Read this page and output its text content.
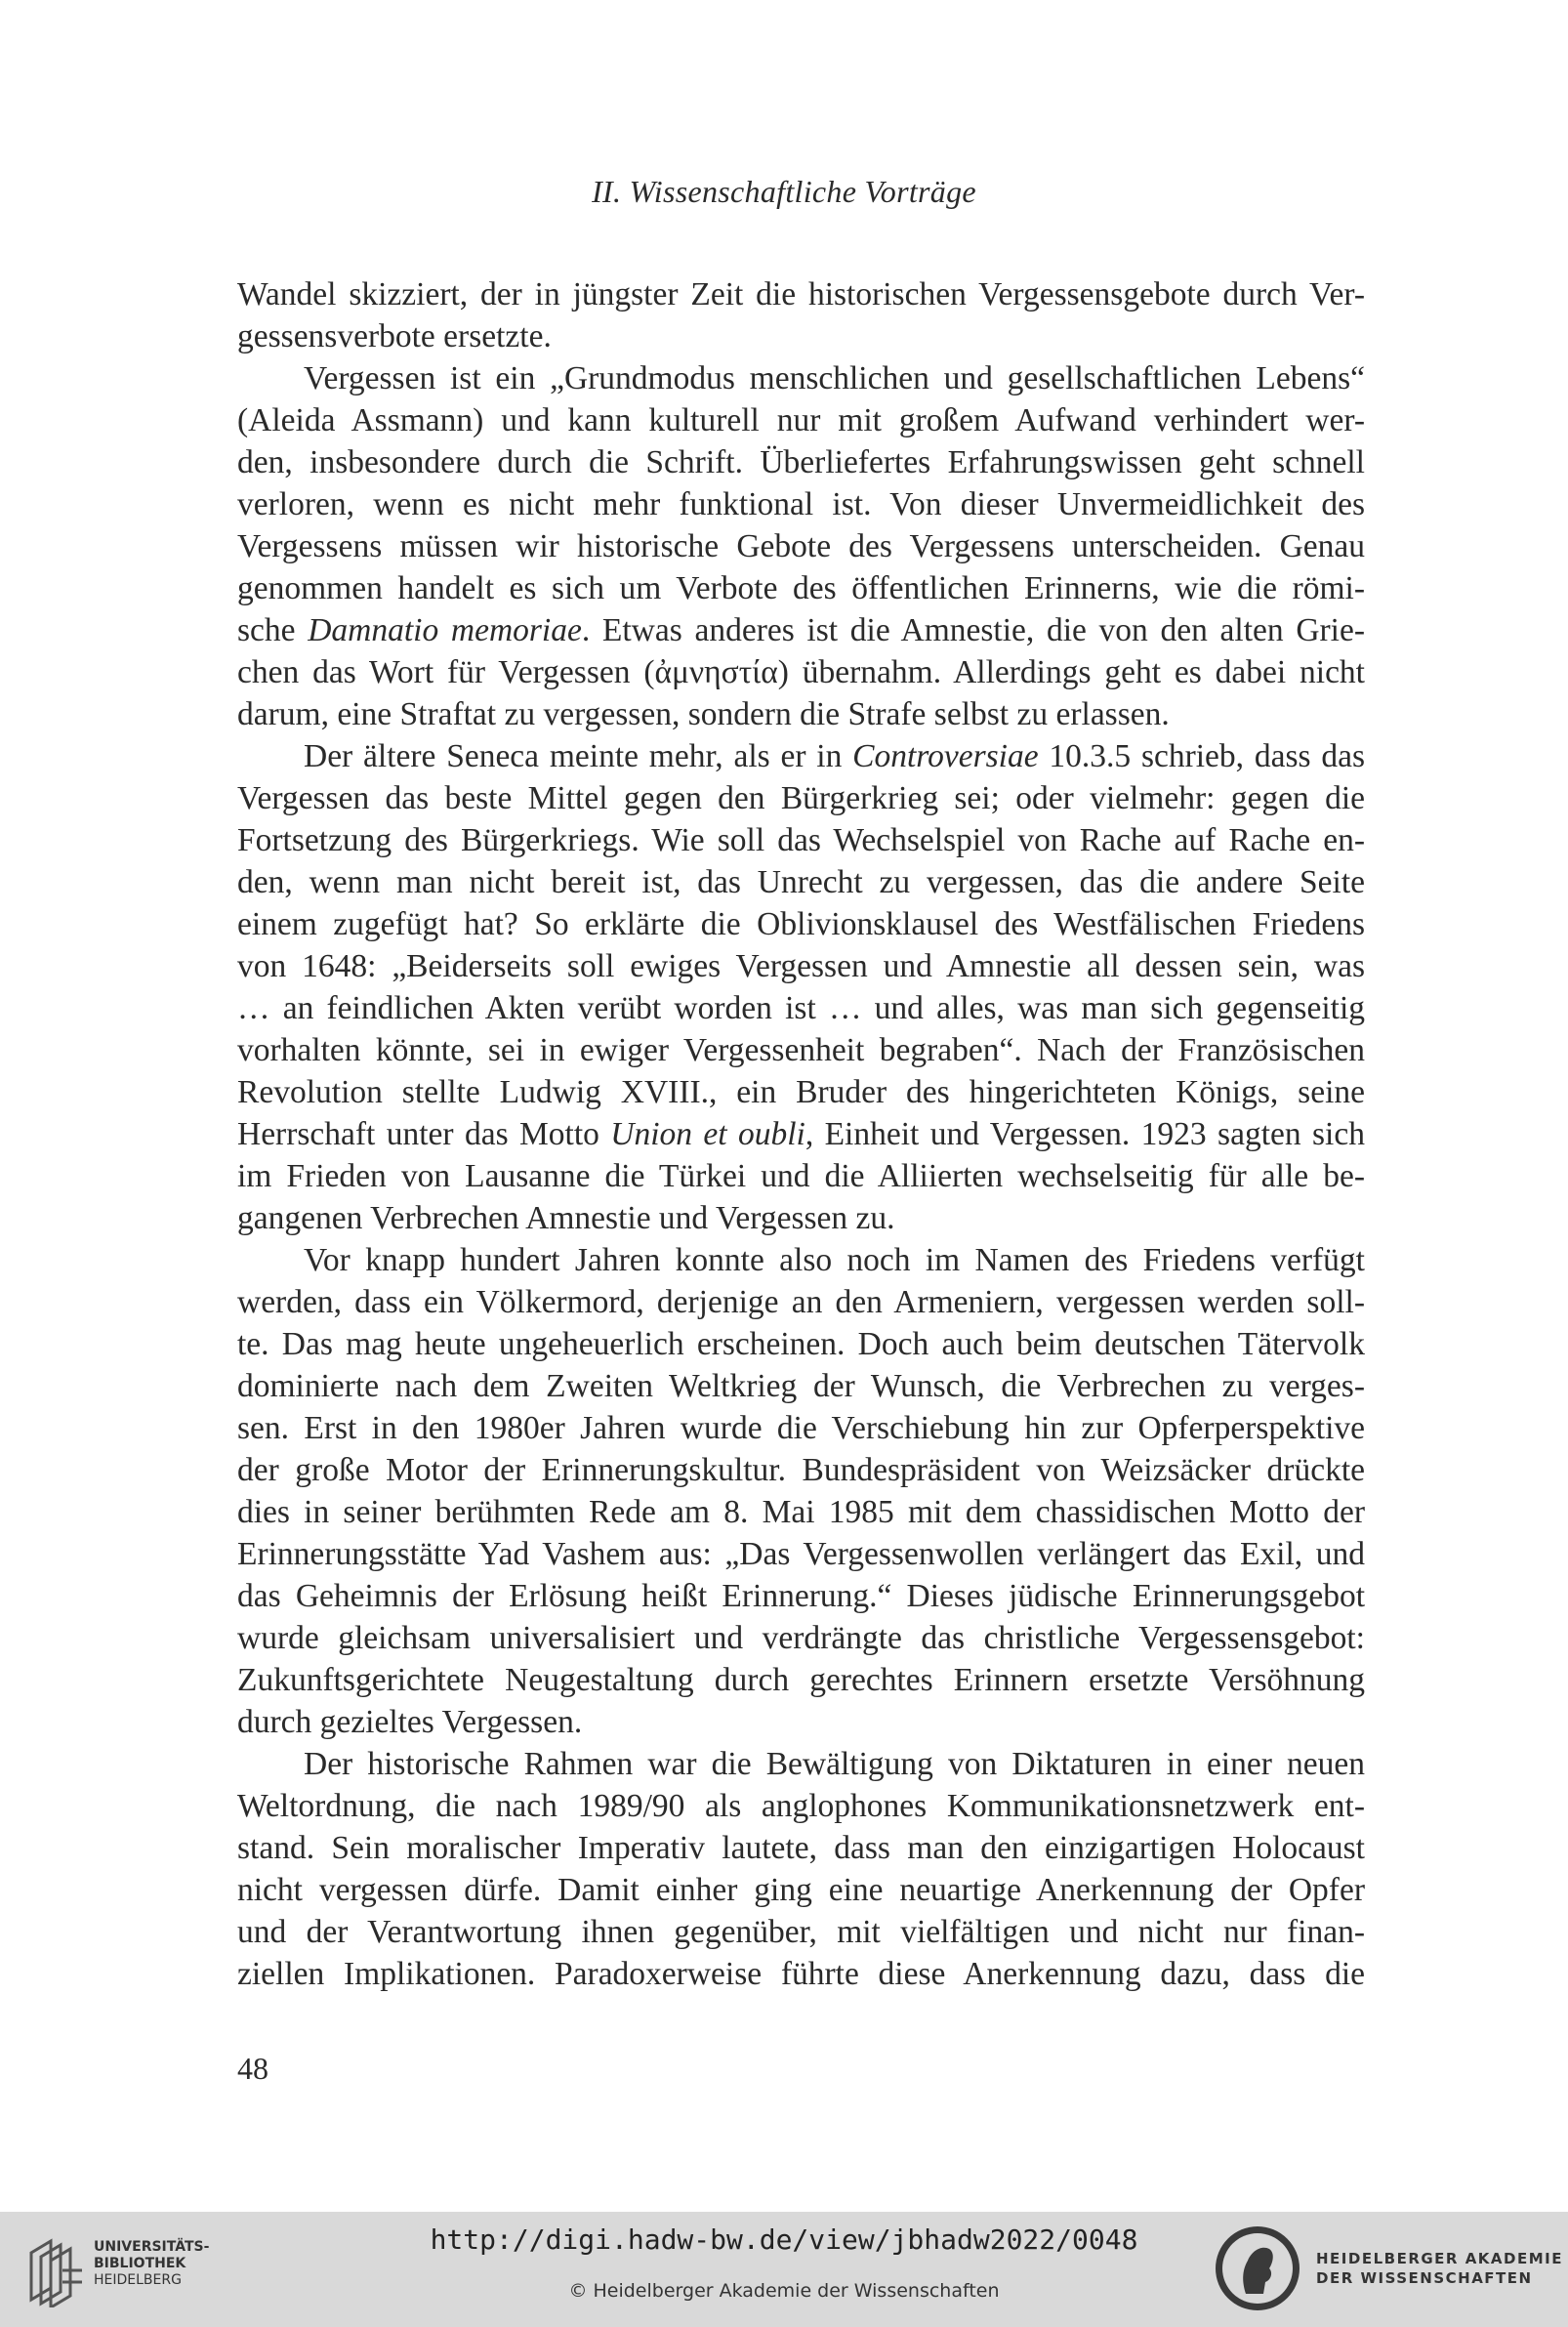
II. Wissenschaftliche Vorträge
Wandel skizziert, der in jüngster Zeit die historischen Vergessensgebote durch Ver-
gessensverbote ersetzte.
Vergessen ist ein „Grundmodus menschlichen und gesellschaftlichen Lebens“
(Aleida Assmann) und kann kulturell nur mit großem Aufwand verhindert wer-
den, insbesondere durch die Schrift. Überliefertes Erfahrungswissen geht schnell
verloren, wenn es nicht mehr funktional ist. Von dieser Unvermeidlichkeit des
Vergessens müssen wir historische Gebote des Vergessens unterscheiden. Genau
genommen handelt es sich um Verbote des öffentlichen Erinnerns, wie die römi-
sche Damnatio memoriae. Etwas anderes ist die Amnestie, die von den alten Grie-
chen das Wort für Vergessen (ἀμνηστία) übernahm. Allerdings geht es dabei nicht
darum, eine Straftat zu vergessen, sondern die Strafe selbst zu erlassen.
Der ältere Seneca meinte mehr, als er in Controversiae 10.3.5 schrieb, dass das
Vergessen das beste Mittel gegen den Bürgerkrieg sei; oder vielmehr: gegen die
Fortsetzung des Bürgerkriegs. Wie soll das Wechselspiel von Rache auf Rache en-
den, wenn man nicht bereit ist, das Unrecht zu vergessen, das die andere Seite
einem zugefügt hat? So erklärte die Oblivionsklausel des Westfälischen Friedens
von 1648: „Beiderseits soll ewiges Vergessen und Amnestie all dessen sein, was
… an feindlichen Akten verübt worden ist … und alles, was man sich gegenseitig
vorhalten könnte, sei in ewiger Vergessenheit begraben“. Nach der Französischen
Revolution stellte Ludwig XVIII., ein Bruder des hingerichteten Königs, seine
Herrschaft unter das Motto Union et oubli, Einheit und Vergessen. 1923 sagten sich
im Frieden von Lausanne die Türkei und die Alliierten wechselseitig für alle be-
gangenen Verbrechen Amnestie und Vergessen zu.
Vor knapp hundert Jahren konnte also noch im Namen des Friedens verfügt
werden, dass ein Völkermord, derjenige an den Armeniern, vergessen werden soll-
te. Das mag heute ungeheuerlich erscheinen. Doch auch beim deutschen Tätervolk
dominierte nach dem Zweiten Weltkrieg der Wunsch, die Verbrechen zu verges-
sen. Erst in den 1980er Jahren wurde die Verschiebung hin zur Opferperspektive
der große Motor der Erinnerungskultur. Bundespräsident von Weizsäcker drückte
dies in seiner berühmten Rede am 8. Mai 1985 mit dem chassidischen Motto der
Erinnerungsstätte Yad Vashem aus: „Das Vergessenwollen verlängert das Exil, und
das Geheimnis der Erlösung heißt Erinnerung.“ Dieses jüdische Erinnerungsgebot
wurde gleichsam universalisiert und verdrängte das christliche Vergessensgebot:
Zukunftsgerichtete Neugestaltung durch gerechtes Erinnern ersetzte Versöhnung
durch gezieltes Vergessen.
Der historische Rahmen war die Bewältigung von Diktaturen in einer neuen
Weltordnung, die nach 1989/90 als anglophones Kommunikationsnetzwerk ent-
stand. Sein moralischer Imperativ lautete, dass man den einzigartigen Holocaust
nicht vergessen dürfe. Damit einher ging eine neuartige Anerkennung der Opfer
und der Verantwortung ihnen gegenüber, mit vielfältigen und nicht nur finan-
ziellen Implikationen. Paradoxerweise führte diese Anerkennung dazu, dass die
48
UNIVERSITÄTS-
BIBLIOTHEK
HEIDELBERG
http://digi.hadw-bw.de/view/jbhadw2022/0048
© Heidelberger Akademie der Wissenschaften
HEIDELBERGER AKADEMIE
DER WISSENSCHAFTEN
